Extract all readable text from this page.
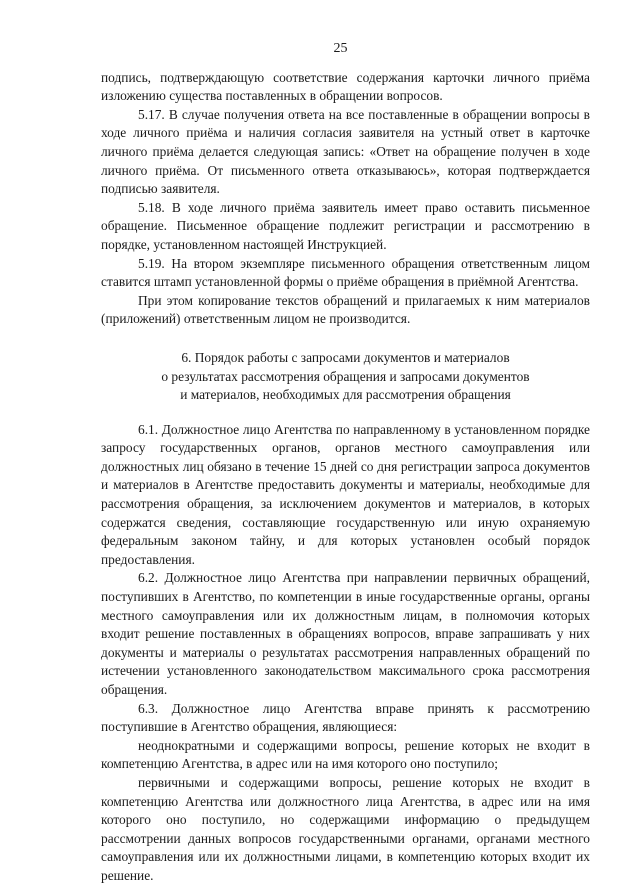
25

подпись, подтверждающую соответствие содержания карточки личного приёма изложению существа поставленных в обращении вопросов.

5.17. В случае получения ответа на все поставленные в обращении вопросы в ходе личного приёма и наличия согласия заявителя на устный ответ в карточке личного приёма делается следующая запись: «Ответ на обращение получен в ходе личного приёма. От письменного ответа отказываюсь», которая подтверждается подписью заявителя.

5.18. В ходе личного приёма заявитель имеет право оставить письменное обращение. Письменное обращение подлежит регистрации и рассмотрению в порядке, установленном настоящей Инструкцией.

5.19. На втором экземпляре письменного обращения ответственным лицом ставится штамп установленной формы о приёме обращения в приёмной Агентства.

При этом копирование текстов обращений и прилагаемых к ним материалов (приложений) ответственным лицом не производится.

6. Порядок работы с запросами документов и материалов
о результатах рассмотрения обращения и запросами документов
и материалов, необходимых для рассмотрения обращения

6.1. Должностное лицо Агентства по направленному в установленном порядке запросу государственных органов, органов местного самоуправления или должностных лиц обязано в течение 15 дней со дня регистрации запроса документов и материалов в Агентстве предоставить документы и материалы, необходимые для рассмотрения обращения, за исключением документов и материалов, в которых содержатся сведения, составляющие государственную или иную охраняемую федеральным законом тайну, и для которых установлен особый порядок предоставления.

6.2. Должностное лицо Агентства при направлении первичных обращений, поступивших в Агентство, по компетенции в иные государственные органы, органы местного самоуправления или их должностным лицам, в полномочия которых входит решение поставленных в обращениях вопросов, вправе запрашивать у них документы и материалы о результатах рассмотрения направленных обращений по истечении установленного законодательством максимального срока рассмотрения обращения.

6.3. Должностное лицо Агентства вправе принять к рассмотрению поступившие в Агентство обращения, являющиеся:

неоднократными и содержащими вопросы, решение которых не входит в компетенцию Агентства, в адрес или на имя которого оно поступило;

первичными и содержащими вопросы, решение которых не входит в компетенцию Агентства или должностного лица Агентства, в адрес или на имя которого оно поступило, но содержащими информацию о предыдущем рассмотрении данных вопросов государственными органами, органами местного самоуправления или их должностными лицами, в компетенцию которых входит их решение.
